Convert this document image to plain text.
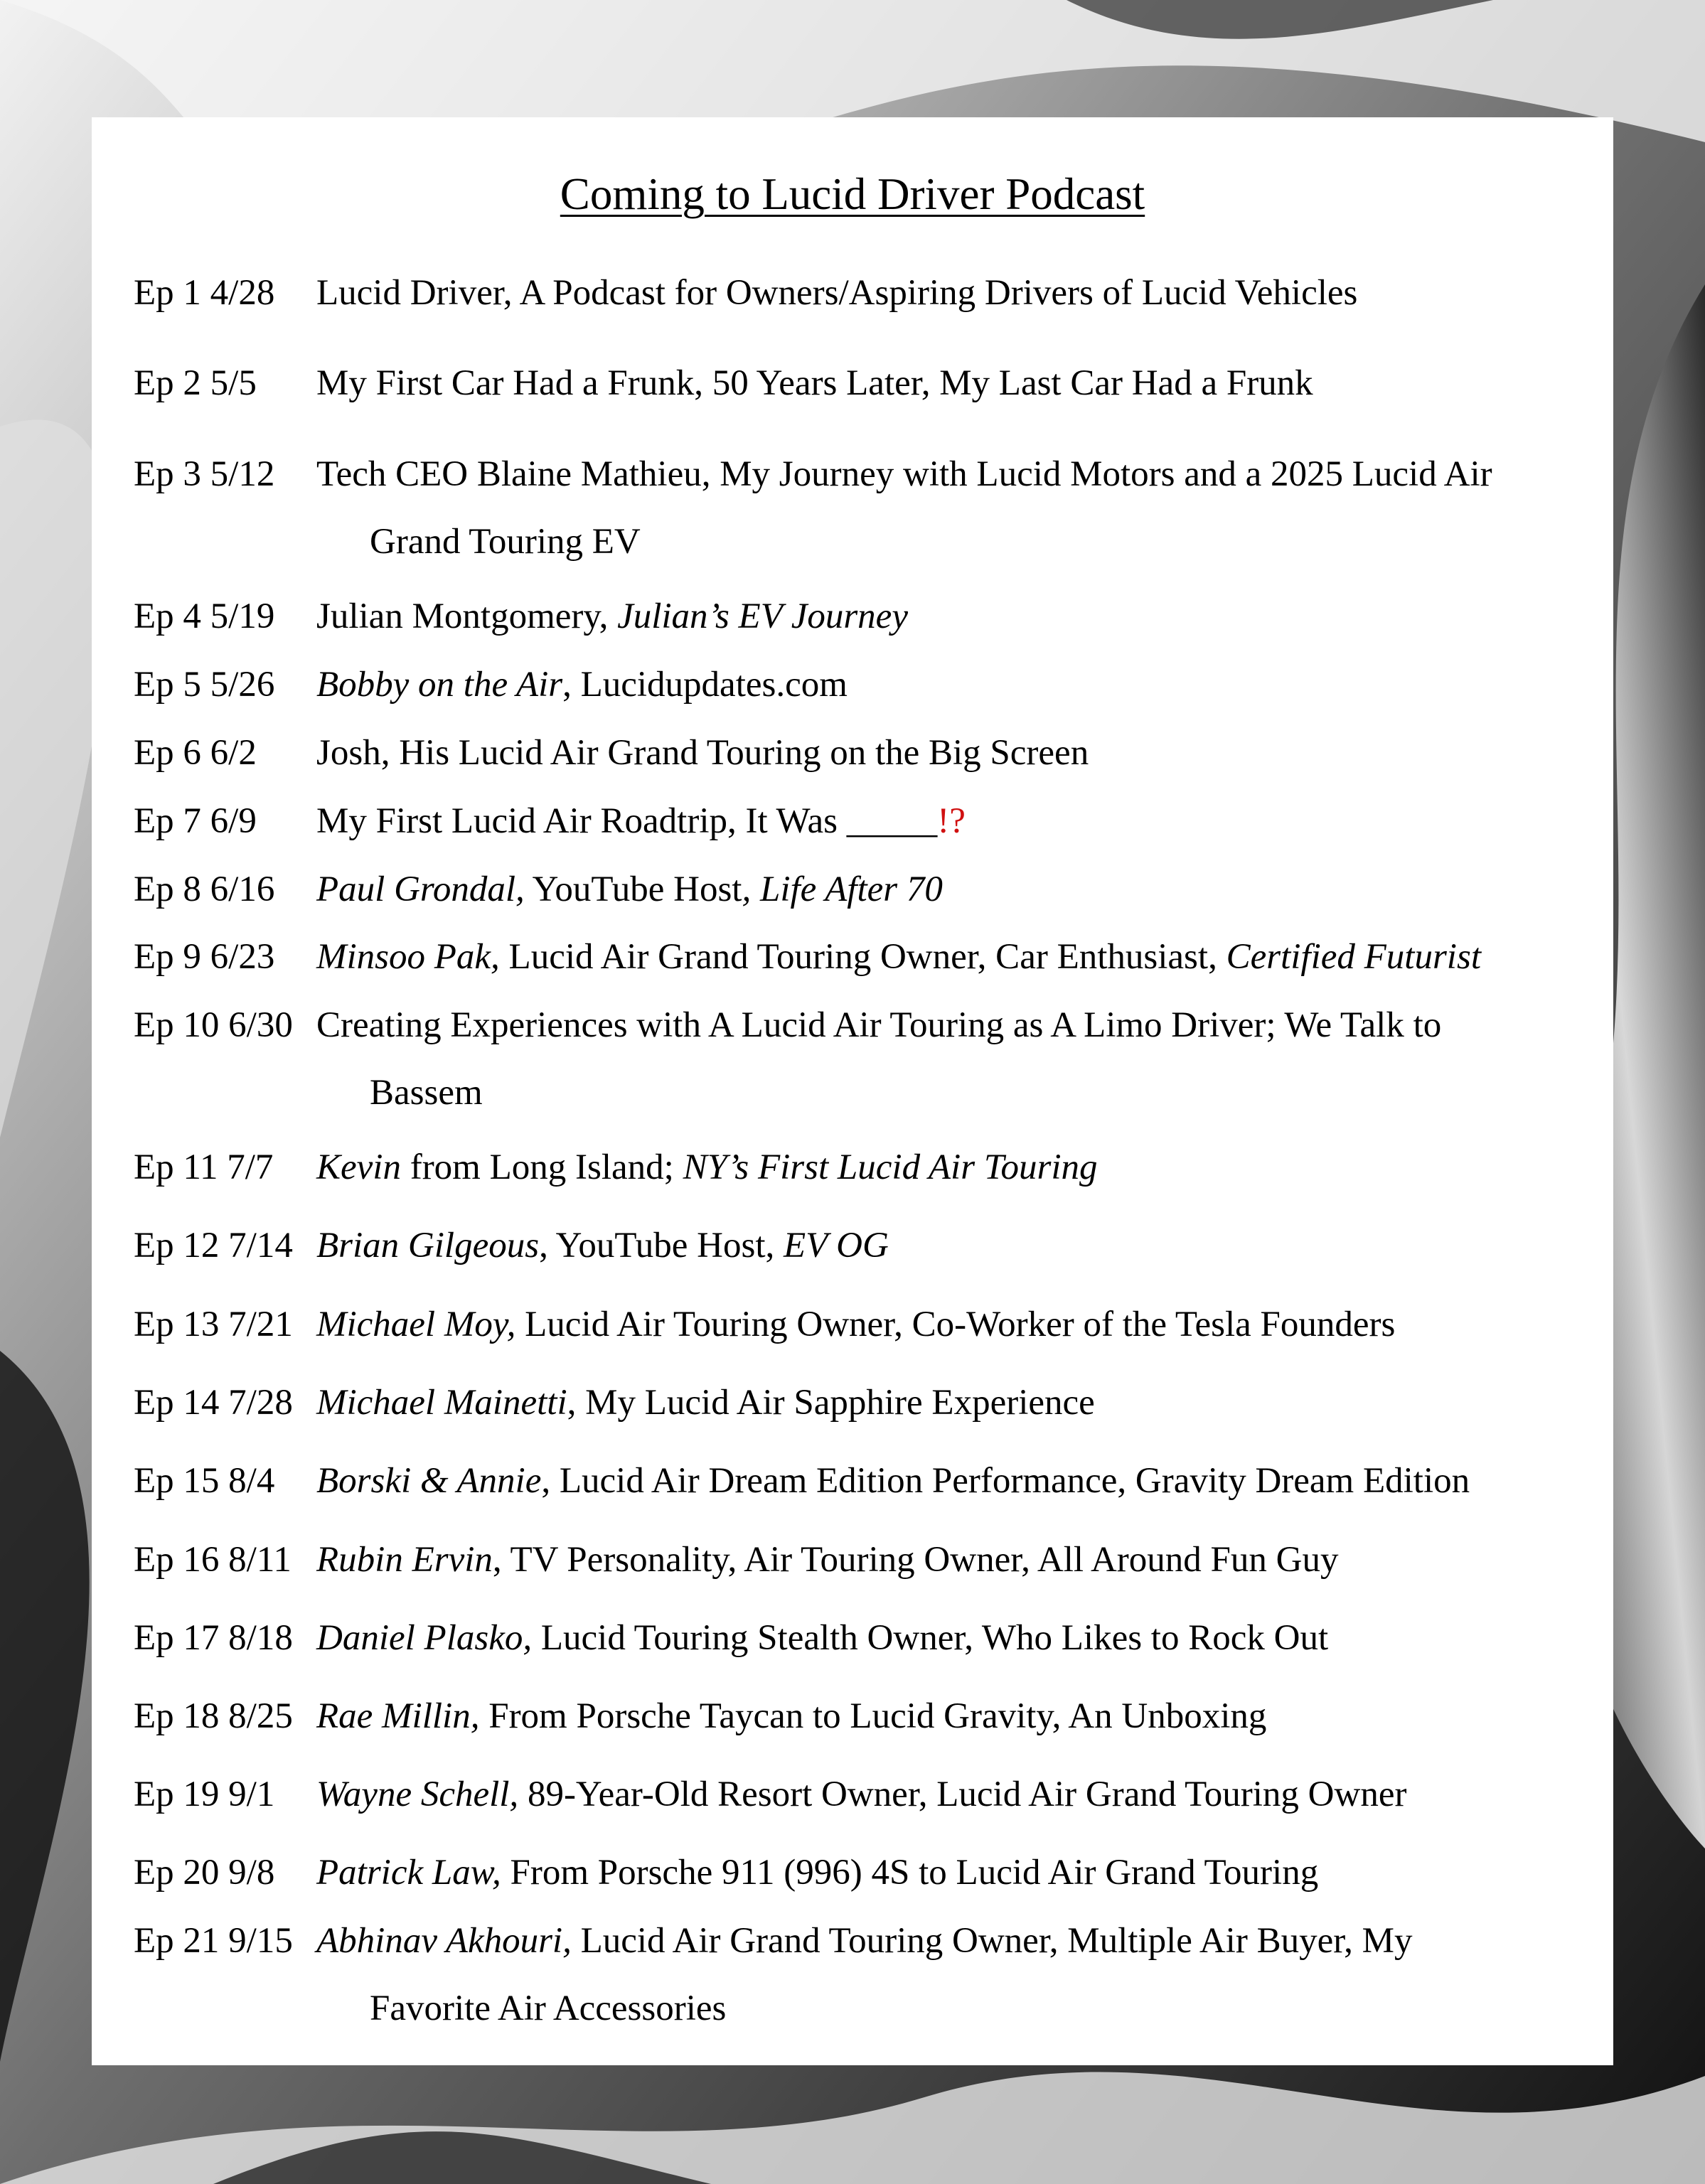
Coming to Lucid Driver Podcast
Ep 1 4/28 Lucid Driver, A Podcast for Owners/Aspiring Drivers of Lucid Vehicles
Ep 2 5/5 My First Car Had a Frunk, 50 Years Later, My Last Car Had a Frunk
Ep 3 5/12 Tech CEO Blaine Mathieu, My Journey with Lucid Motors and a 2025 Lucid Air
Grand Touring EV
Ep 4 5/19 Julian Montgomery, Julian’s EV Journey
Ep 5 5/26 Bobby on the Air, Lucidupdates.com
Ep 6 6/2 Josh, His Lucid Air Grand Touring on the Big Screen
Ep 7 6/9 My First Lucid Air Roadtrip, It Was _____!?
Ep 8 6/16 Paul Grondal, YouTube Host, Life After 70
Ep 9 6/23 Minsoo Pak, Lucid Air Grand Touring Owner, Car Enthusiast, Certified Futurist
Ep 10 6/30 Creating Experiences with A Lucid Air Touring as A Limo Driver; We Talk to
Bassem
Ep 11 7/7 Kevin from Long Island; NY’s First Lucid Air Touring
Ep 12 7/14 Brian Gilgeous, YouTube Host, EV OG
Ep 13 7/21 Michael Moy, Lucid Air Touring Owner, Co-Worker of the Tesla Founders
Ep 14 7/28 Michael Mainetti, My Lucid Air Sapphire Experience
Ep 15 8/4 Borski & Annie, Lucid Air Dream Edition Performance, Gravity Dream Edition
Ep 16 8/11 Rubin Ervin, TV Personality, Air Touring Owner, All Around Fun Guy
Ep 17 8/18 Daniel Plasko, Lucid Touring Stealth Owner, Who Likes to Rock Out
Ep 18 8/25 Rae Millin, From Porsche Taycan to Lucid Gravity, An Unboxing
Ep 19 9/1 Wayne Schell, 89-Year-Old Resort Owner, Lucid Air Grand Touring Owner
Ep 20 9/8 Patrick Law, From Porsche 911 (996) 4S to Lucid Air Grand Touring
Ep 21 9/15 Abhinav Akhouri, Lucid Air Grand Touring Owner, Multiple Air Buyer, My
Favorite Air Accessories
